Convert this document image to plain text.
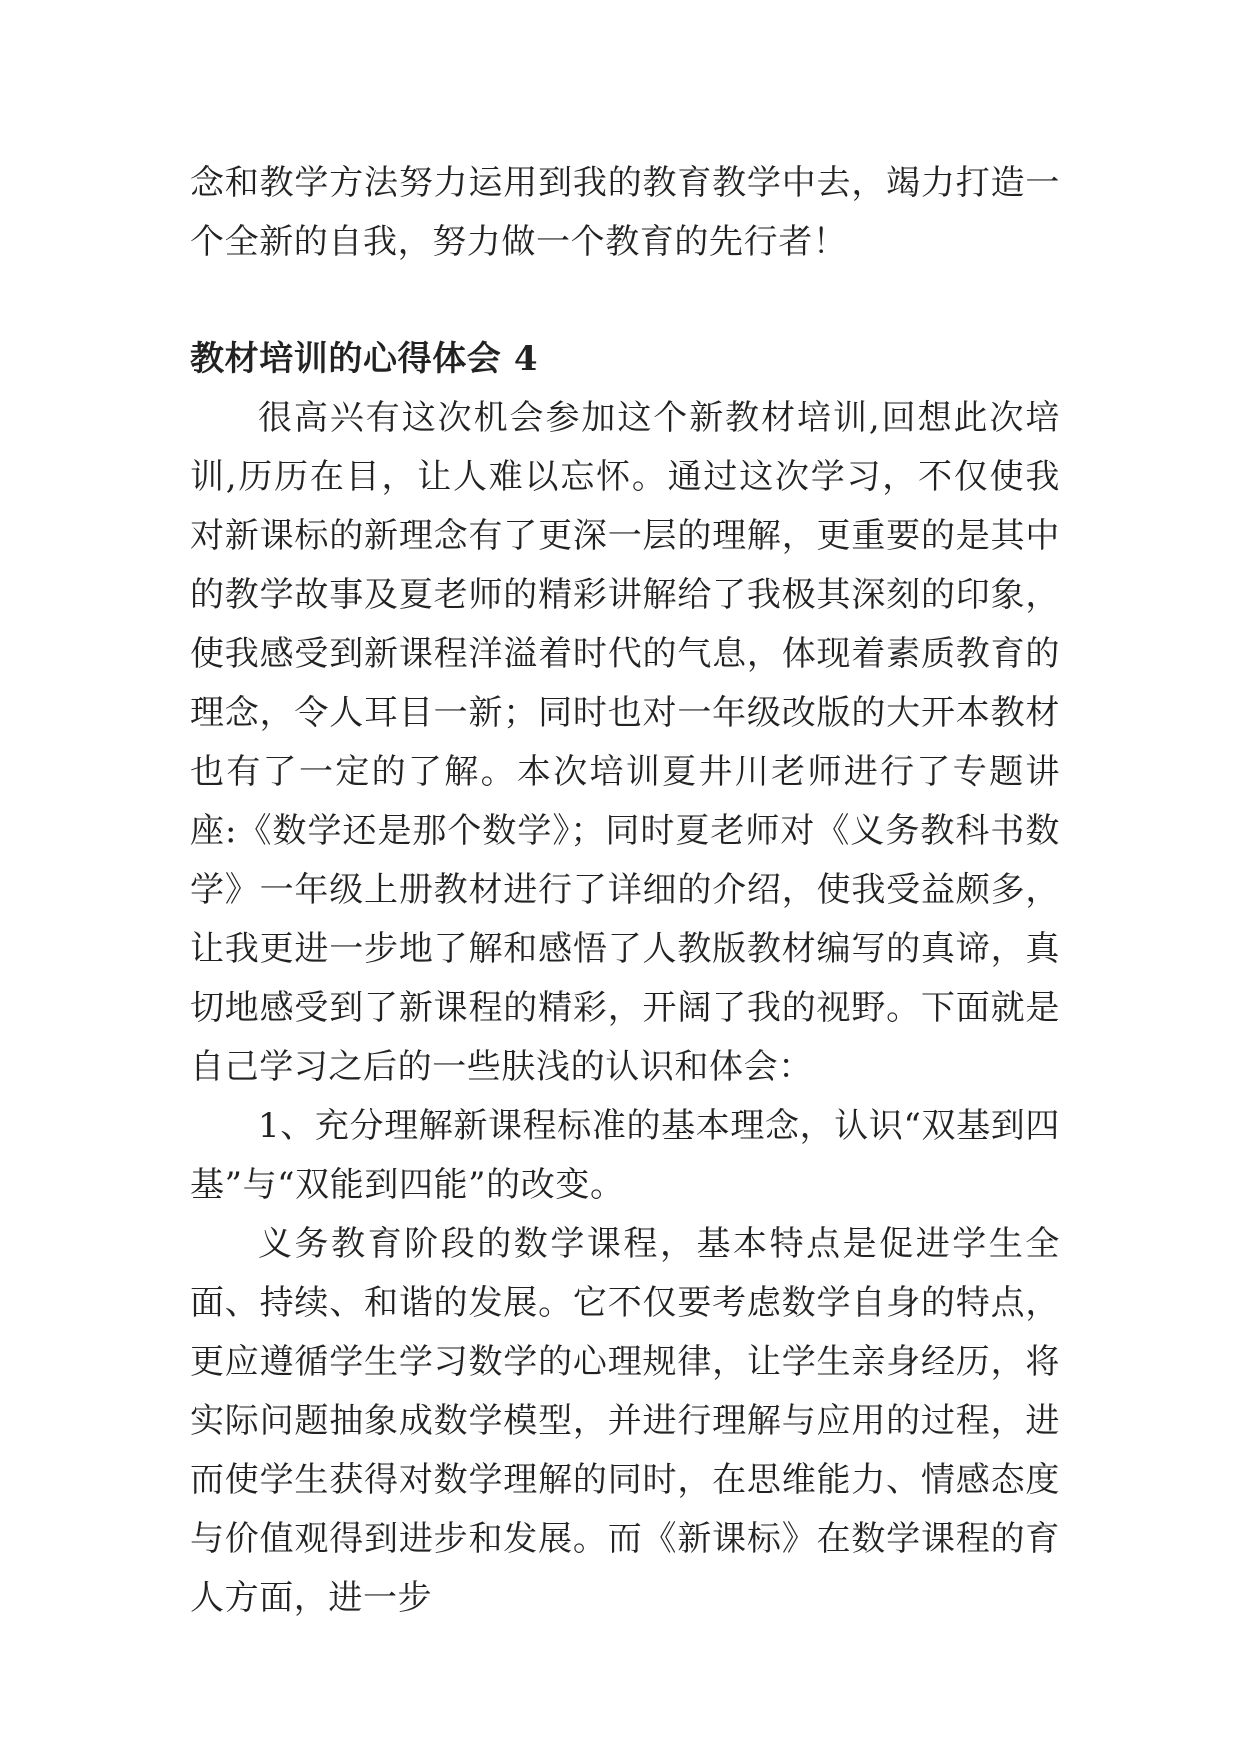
念和教学方法努力运用到我的教育教学中去，竭力打造一个全新的自我，努力做一个教育的先行者！

教材培训的心得体会 4

很高兴有这次机会参加这个新教材培训,回想此次培训,历历在目，让人难以忘怀。通过这次学习，不仅使我对新课标的新理念有了更深一层的理解，更重要的是其中的教学故事及夏老师的精彩讲解给了我极其深刻的印象，使我感受到新课程洋溢着时代的气息，体现着素质教育的理念，令人耳目一新；同时也对一年级改版的大开本教材也有了一定的了解。本次培训夏井川老师进行了专题讲座:《数学还是那个数学》；同时夏老师对《义务教科书数学》一年级上册教材进行了详细的介绍，使我受益颇多，让我更进一步地了解和感悟了人教版教材编写的真谛，真切地感受到了新课程的精彩，开阔了我的视野。下面就是自己学习之后的一些肤浅的认识和体会：

1、充分理解新课程标准的基本理念，认识“双基到四基”与“双能到四能”的改变。

义务教育阶段的数学课程，基本特点是促进学生全面、持续、和谐的发展。它不仅要考虑数学自身的特点，更应遵循学生学习数学的心理规律，让学生亲身经历，将实际问题抽象成数学模型，并进行理解与应用的过程，进而使学生获得对数学理解的同时，在思维能力、情感态度与价值观得到进步和发展。而《新课标》在数学课程的育人方面，进一步
